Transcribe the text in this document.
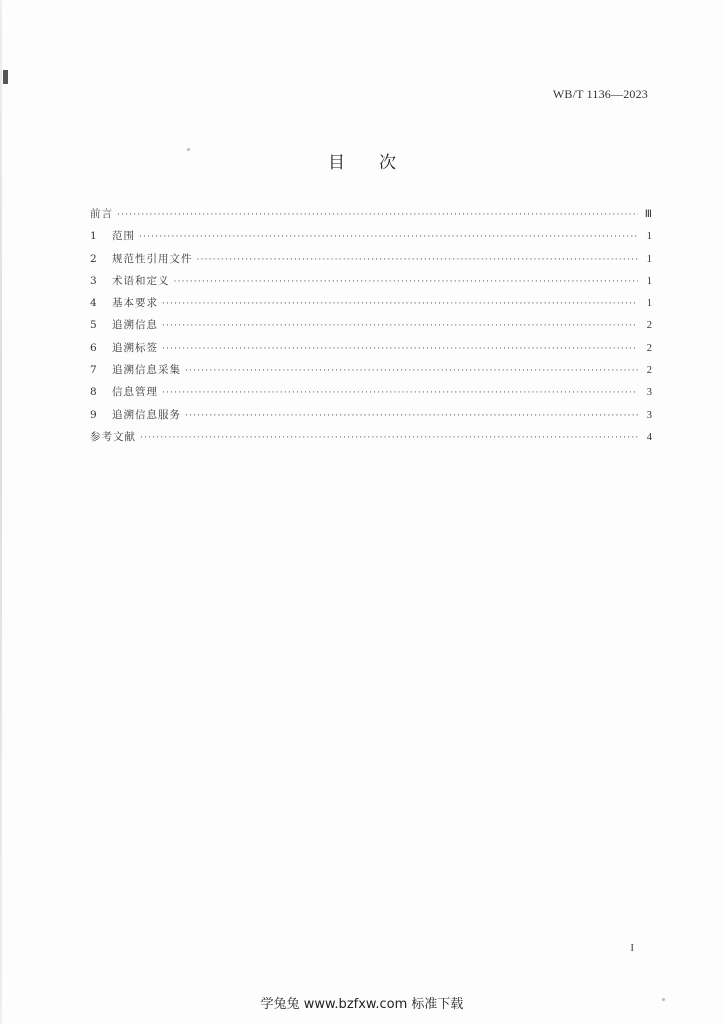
WB/T 1136—2023
目次
前言 ·····	Ⅲ
1	范围 ·····	1
2	规范性引用文件 ·····	1
3	术语和定义 ·····	1
4	基本要求 ·····	1
5	追溯信息 ·····	2
6	追溯标签 ·····	2
7	追溯信息采集 ·····	2
8	信息管理 ·····	3
9	追溯信息服务 ·····	3
参考文献 ·····	4
I
学兔兔 www.bzfxw.com 标准下载
